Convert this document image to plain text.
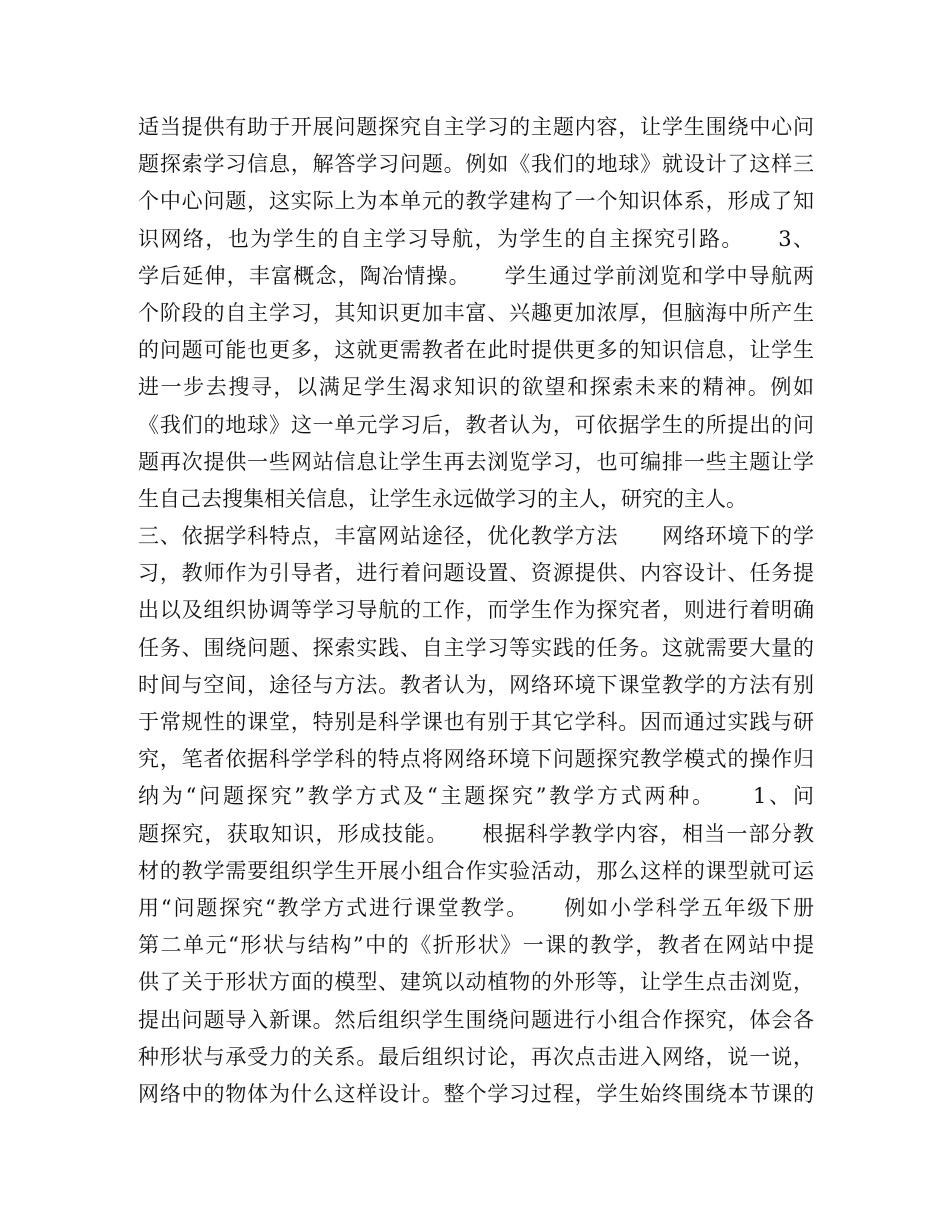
适当提供有助于开展问题探究自主学习的主题内容，让学生围绕中心问
题探索学习信息，解答学习问题。例如《我们的地球》就设计了这样三
个中心问题，这实际上为本单元的教学建构了一个知识体系，形成了知
识网络，也为学生的自主学习导航，为学生的自主探究引路。　　3、
学后延伸，丰富概念，陶冶情操。　　学生通过学前浏览和学中导航两
个阶段的自主学习，其知识更加丰富、兴趣更加浓厚，但脑海中所产生
的问题可能也更多，这就更需教者在此时提供更多的知识信息，让学生
进一步去搜寻，以满足学生渴求知识的欲望和探索未来的精神。例如
《我们的地球》这一单元学习后，教者认为，可依据学生的所提出的问
题再次提供一些网站信息让学生再去浏览学习，也可编排一些主题让学
生自己去搜集相关信息，让学生永远做学习的主人，研究的主人。
三、依据学科特点，丰富网站途径，优化教学方法　　网络环境下的学
习，教师作为引导者，进行着问题设置、资源提供、内容设计、任务提
出以及组织协调等学习导航的工作，而学生作为探究者，则进行着明确
任务、围绕问题、探索实践、自主学习等实践的任务。这就需要大量的
时间与空间，途径与方法。教者认为，网络环境下课堂教学的方法有别
于常规性的课堂，特别是科学课也有别于其它学科。因而通过实践与研
究，笔者依据科学学科的特点将网络环境下问题探究教学模式的操作归
纳为“问题探究”教学方式及“主题探究”教学方式两种。　　1、问
题探究，获取知识，形成技能。　　根据科学教学内容，相当一部分教
材的教学需要组织学生开展小组合作实验活动，那么这样的课型就可运
用“问题探究“教学方式进行课堂教学。　　例如小学科学五年级下册
第二单元“形状与结构”中的《折形状》一课的教学，教者在网站中提
供了关于形状方面的模型、建筑以动植物的外形等，让学生点击浏览，
提出问题导入新课。然后组织学生围绕问题进行小组合作探究，体会各
种形状与承受力的关系。最后组织讨论，再次点击进入网络，说一说，
网络中的物体为什么这样设计。整个学习过程，学生始终围绕本节课的
